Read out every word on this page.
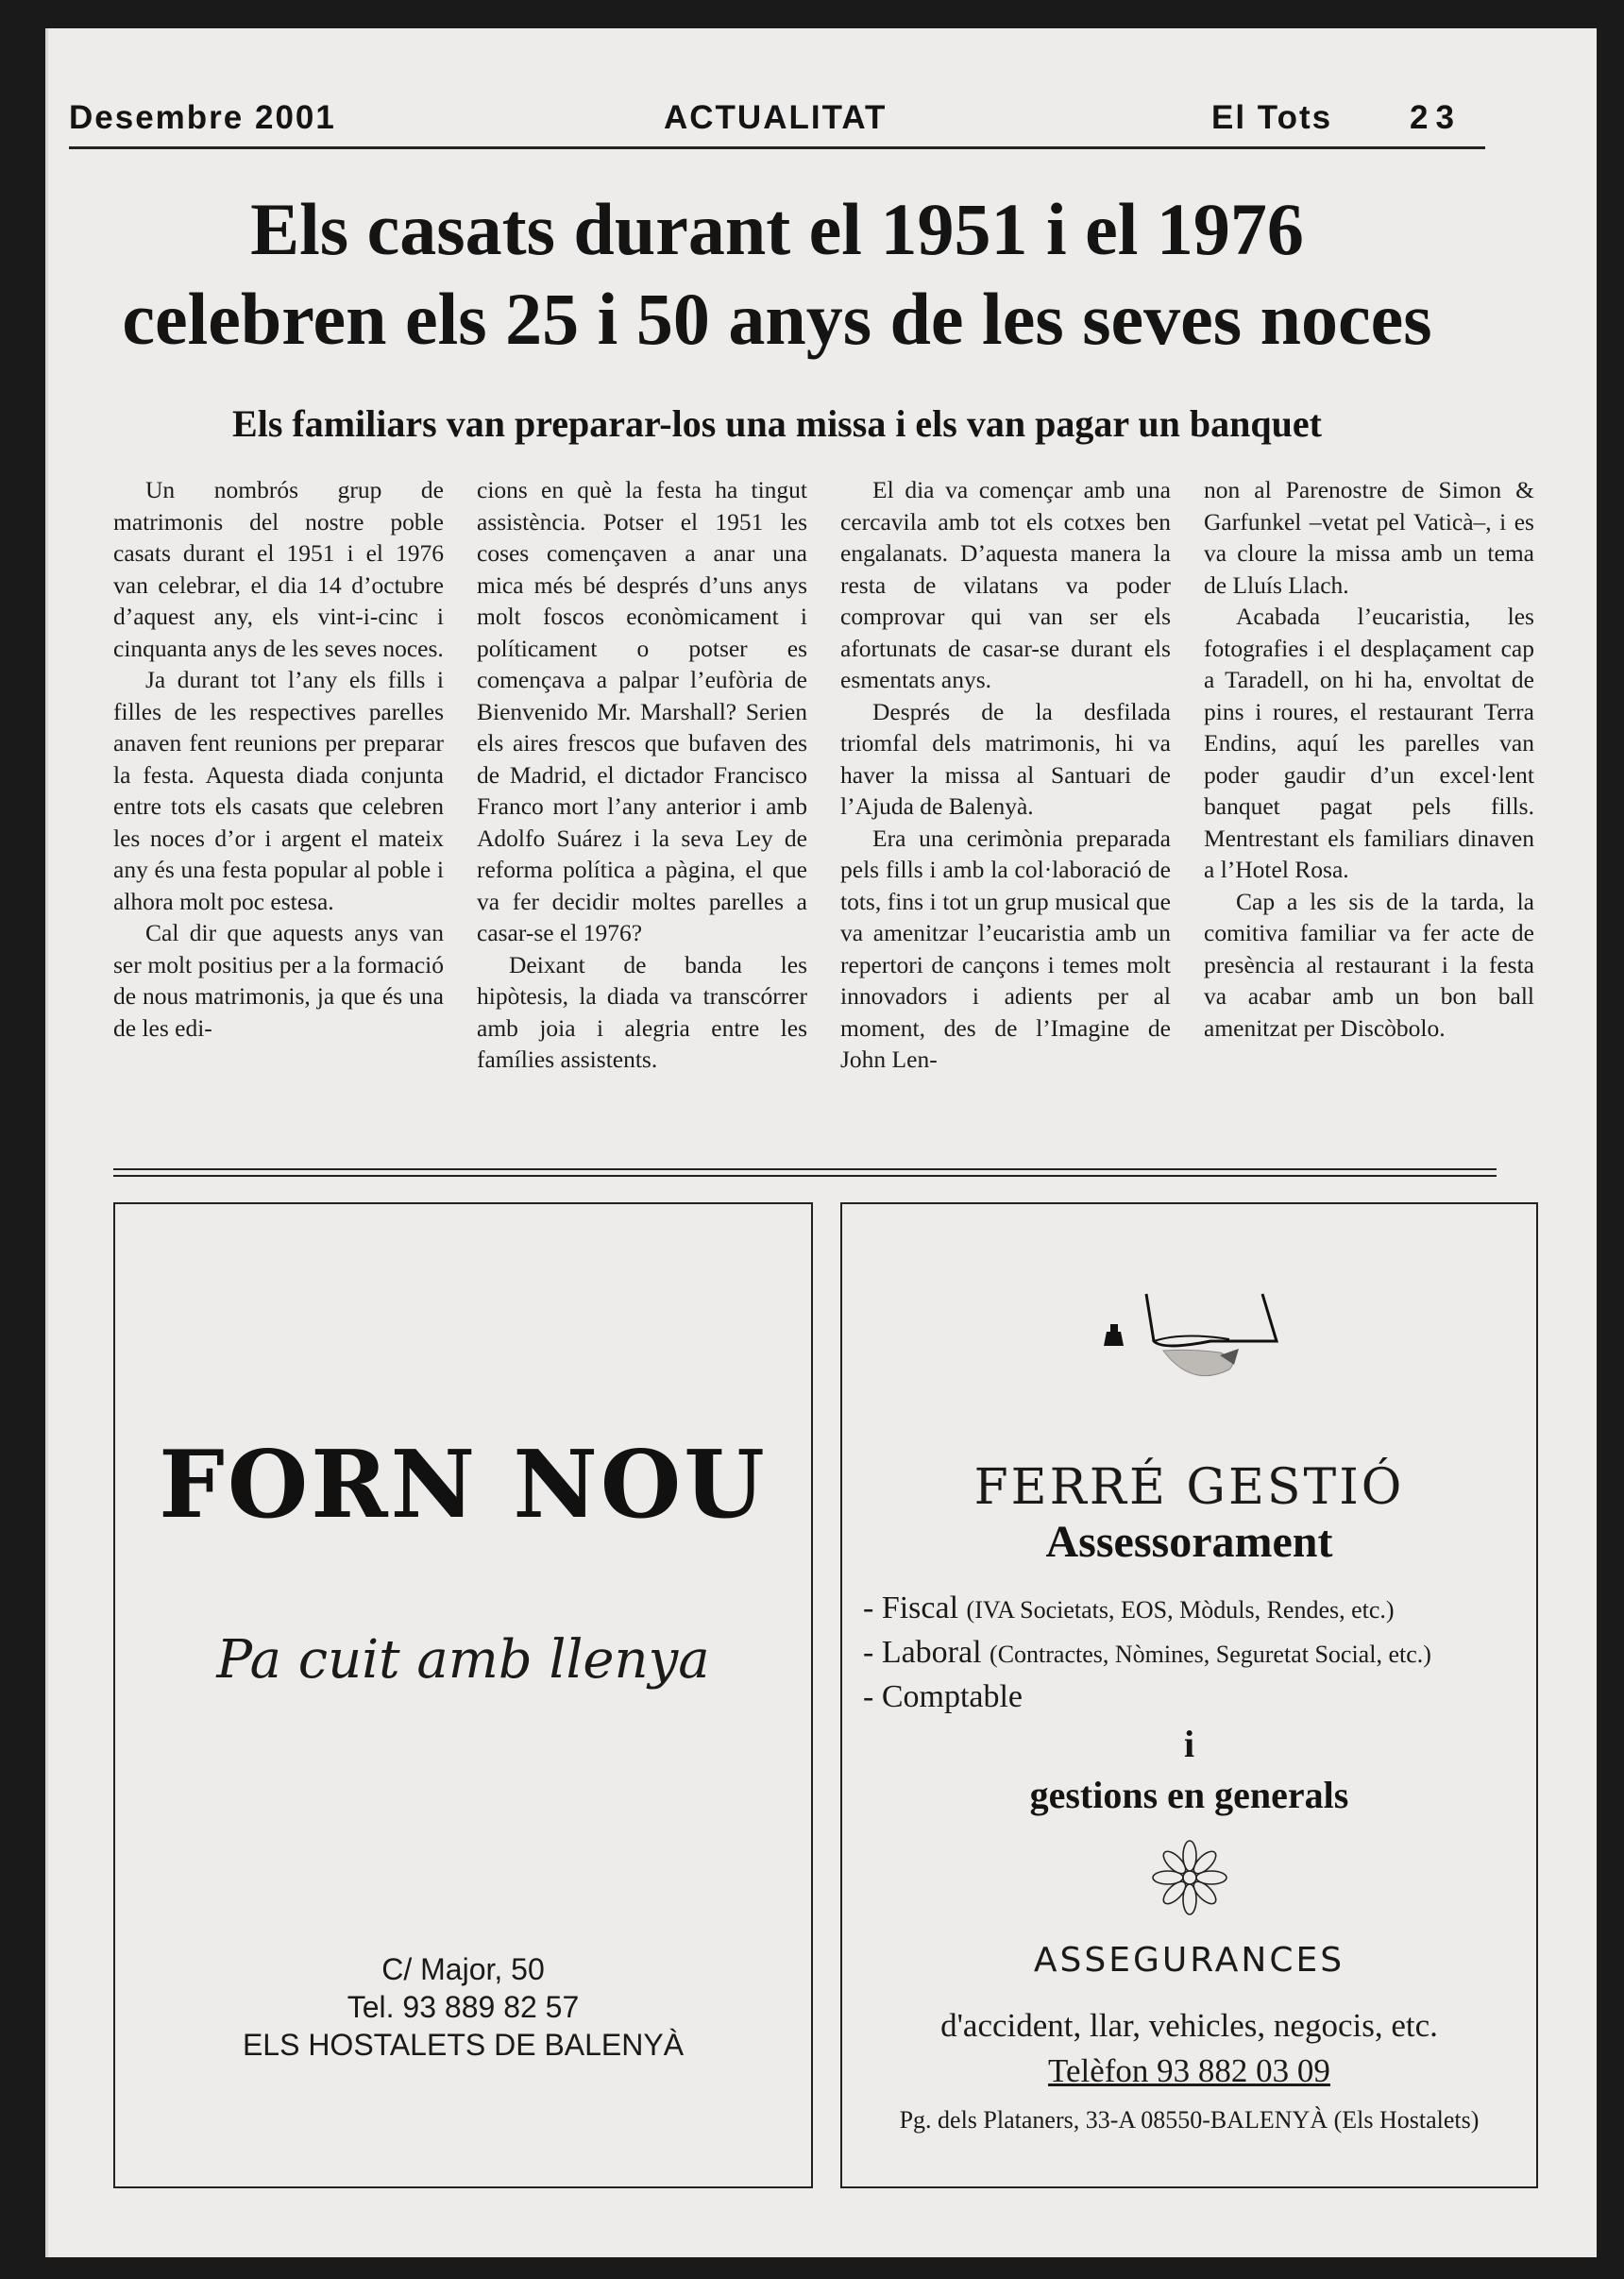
Desembre 2001	ACTUALITAT	El Tots 23
Els casats durant el 1951 i el 1976
celebren els 25 i 50 anys de les seves noces
Els familiars van preparar-los una missa i els van pagar un banquet

Un nombrós grup de matrimonis del nostre poble casats durant el 1951 i el 1976 van celebrar, el dia 14 d’octubre d’aquest any, els vint-i-cinc i cinquanta anys de les seves noces.

Ja durant tot l’any els fills i filles de les respectives parelles anaven fent reunions per preparar la festa. Aquesta diada conjunta entre tots els casats que celebren les noces d’or i argent el mateix any és una festa popular al poble i alhora molt poc estesa.

Cal dir que aquests anys van ser molt positius per a la formació de nous matrimonis, ja que és una de les edi-

cions en què la festa ha tingut assistència. Potser el 1951 les coses començaven a anar una mica més bé després d’uns anys molt foscos econòmicament i políticament o potser es començava a palpar l’eufòria de Bienvenido Mr. Marshall? Serien els aires frescos que bufaven des de Madrid, el dictador Francisco Franco mort l’any anterior i amb Adolfo Suárez i la seva Ley de reforma política a pàgina, el que va fer decidir moltes parelles a casar-se el 1976?

Deixant de banda les hipòtesis, la diada va transcórrer amb joia i alegria entre les famílies assistents.

El dia va començar amb una cercavila amb tot els cotxes ben engalanats. D’aquesta manera la resta de vilatans va poder comprovar qui van ser els afortunats de casar-se durant els esmentats anys.

Després de la desfilada triomfal dels matrimonis, hi va haver la missa al Santuari de l’Ajuda de Balenyà.

Era una cerimònia preparada pels fills i amb la col·laboració de tots, fins i tot un grup musical que va amenitzar l’eucaristia amb un repertori de cançons i temes molt innovadors i adients per al moment, des de l’Imagine de John Len-

non al Parenostre de Simon & Garfunkel –vetat pel Vaticà–, i es va cloure la missa amb un tema de Lluís Llach.

Acabada l’eucaristia, les fotografies i el desplaçament cap a Taradell, on hi ha, envoltat de pins i roures, el restaurant Terra Endins, aquí les parelles van poder gaudir d’un excel·lent banquet pagat pels fills. Mentrestant els familiars dinaven a l’Hotel Rosa.

Cap a les sis de la tarda, la comitiva familiar va fer acte de presència al restaurant i la festa va acabar amb un bon ball amenitzat per Discòbolo.

FORN NOU
Pa cuit amb llenya
C/ Major, 50
Tel. 93 889 82 57
ELS HOSTALETS DE BALENYÀ
FERRÉ GESTIÓ
Assessorament
- Fiscal (IVA Societats, EOS, Mòduls, Rendes, etc.)
- Laboral (Contractes, Nòmines, Seguretat Social, etc.)
- Comptable
i
gestions en generals
ASSEGURANCES
d'accident, llar, vehicles, negocis, etc.
Telèfon 93 882 03 09
Pg. dels Plataners, 33-A 08550-BALENYÀ (Els Hostalets)
